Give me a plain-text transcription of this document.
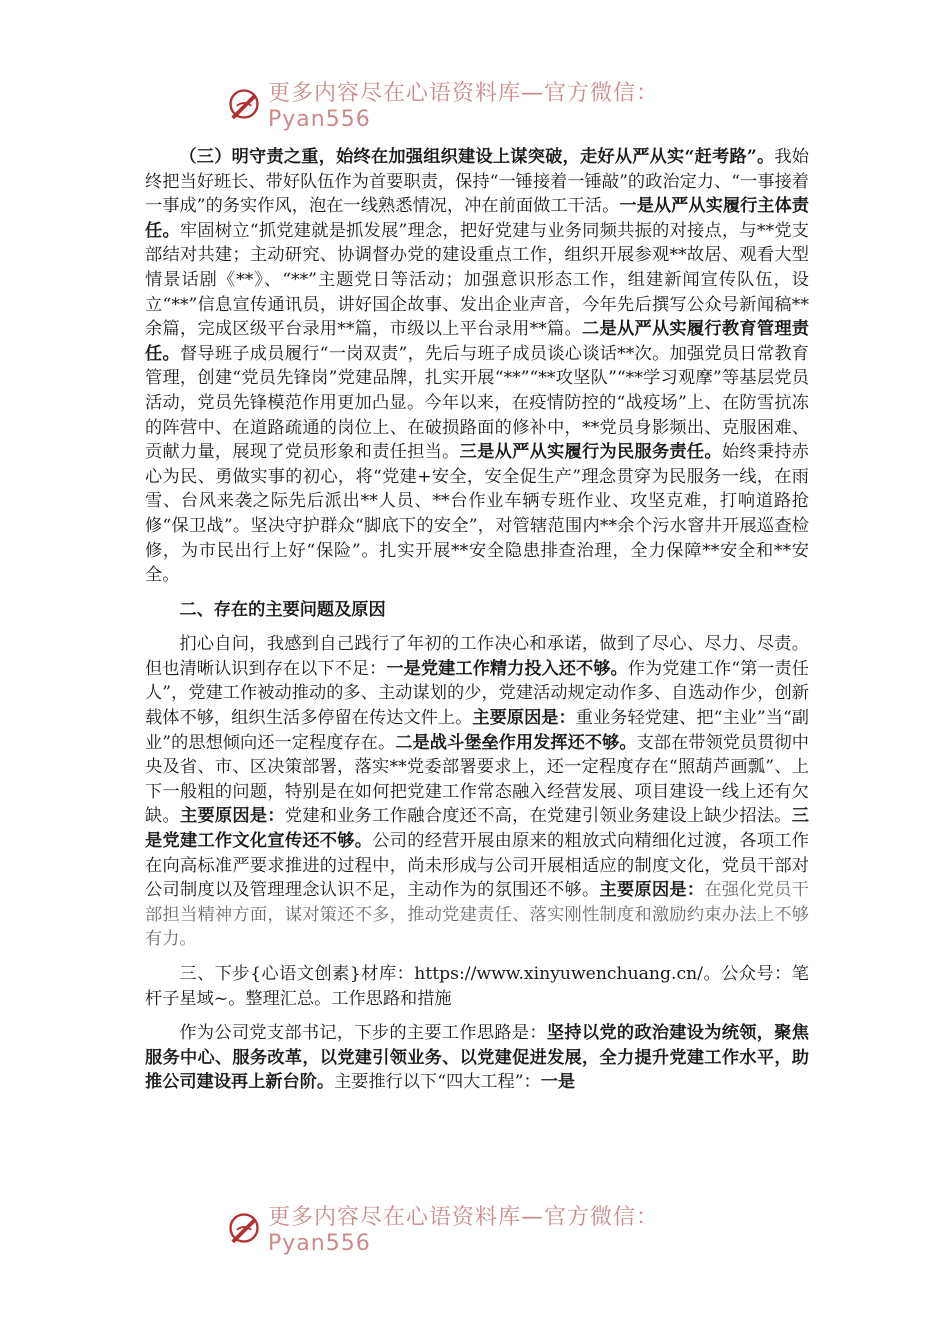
更多内容尽在心语资料库—官方微信：Pyan556

（三）明守责之重，始终在加强组织建设上谋突破，走好从严从实“赶考路”。我始终把当好班长、带好队伍作为首要职责，保持“一锤接着一锤敲”的政治定力、“一事接着一事成”的务实作风，泡在一线熟悉情况，冲在前面做工干活。一是从严从实履行主体责任。牢固树立“抓党建就是抓发展”理念，把好党建与业务同频共振的对接点，与**党支部结对共建；主动研究、协调督办党的建设重点工作，组织开展参观**故居、观看大型情景话剧《**》、“**”主题党日等活动；加强意识形态工作，组建新闻宣传队伍，设立“**”信息宣传通讯员，讲好国企故事、发出企业声音，今年先后撰写公众号新闻稿**余篇，完成区级平台录用**篇，市级以上平台录用**篇。二是从严从实履行教育管理责任。督导班子成员履行“一岗双责”，先后与班子成员谈心谈话**次。加强党员日常教育管理，创建“党员先锋岗”党建品牌，扎实开展“**”“**攻坚队”“**学习观摩”等基层党员活动，党员先锋模范作用更加凸显。今年以来，在疫情防控的“战疫场”上、在防雪抗冻的阵营中、在道路疏通的岗位上、在破损路面的修补中，**党员身影频出、克服困难、贡献力量，展现了党员形象和责任担当。三是从严从实履行为民服务责任。始终秉持赤心为民、勇做实事的初心，将“党建+安全，安全促生产”理念贯穿为民服务一线，在雨雪、台风来袭之际先后派出**人员、**台作业车辆专班作业、攻坚克难，打响道路抢修“保卫战”。坚决守护群众“脚底下的安全”，对管辖范围内**余个污水窨井开展巡查检修，为市民出行上好“保险”。扎实开展**安全隐患排查治理，全力保障**安全和**安全。

二、存在的主要问题及原因

扪心自问，我感到自己践行了年初的工作决心和承诺，做到了尽心、尽力、尽责。但也清晰认识到存在以下不足：一是党建工作精力投入还不够。作为党建工作“第一责任人”，党建工作被动推动的多、主动谋划的少，党建活动规定动作多、自选动作少，创新载体不够，组织生活多停留在传达文件上。主要原因是：重业务轻党建、把“主业”当“副业”的思想倾向还一定程度存在。二是战斗堡垒作用发挥还不够。支部在带领党员贯彻中央及省、市、区决策部署，落实**党委部署要求上，还一定程度存在“照葫芦画瓢”、上下一般粗的问题，特别是在如何把党建工作常态融入经营发展、项目建设一线上还有欠缺。主要原因是：党建和业务工作融合度还不高，在党建引领业务建设上缺少招法。三是党建工作文化宣传还不够。公司的经营开展由原来的粗放式向精细化过渡，各项工作在向高标准严要求推进的过程中，尚未形成与公司开展相适应的制度文化，党员干部对公司制度以及管理理念认识不足，主动作为的氛围还不够。主要原因是：在强化党员干部担当精神方面，谋对策还不多，推动党建责任、落实刚性制度和激励约束办法上不够有力。

三、下步{心语文创素}材库：https://www.xinyuwenchuang.cn/。公众号：笔杆子星域~。整理汇总。工作思路和措施

作为公司党支部书记，下步的主要工作思路是：坚持以党的政治建设为统领，聚焦服务中心、服务改革，以党建引领业务、以党建促进发展，全力提升党建工作水平，助推公司建设再上新台阶。主要推行以下“四大工程”：一是

更多内容尽在心语资料库—官方微信：Pyan556
